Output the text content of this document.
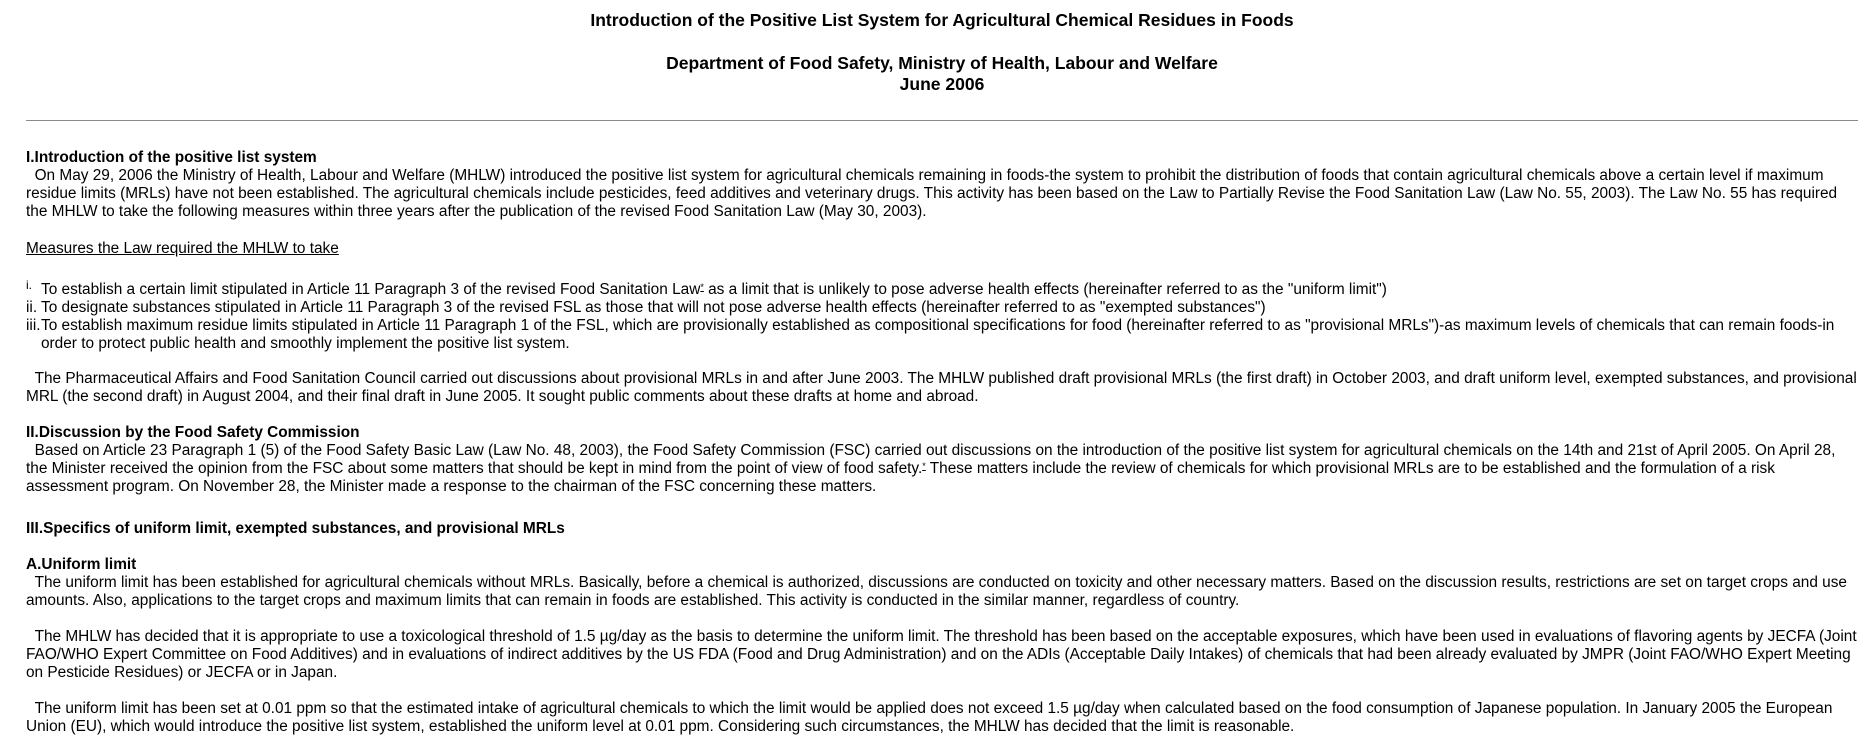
Introduction of the Positive List System for Agricultural Chemical Residues in Foods
Department of Food Safety, Ministry of Health, Labour and Welfare
June 2006
I.Introduction of the positive list system

On May 29, 2006 the Ministry of Health, Labour and Welfare (MHLW) introduced the positive list system for agricultural chemicals remaining in foods-the system to prohibit the distribution of foods that contain agricultural chemicals above a certain level if maximum residue limits (MRLs) have not been established. The agricultural chemicals include pesticides, feed additives and veterinary drugs. This activity has been based on the Law to Partially Revise the Food Sanitation Law (Law No. 55, 2003). The Law No. 55 has required the MHLW to take the following measures within three years after the publication of the revised Food Sanitation Law (May 30, 2003).

Measures the Law required the MHLW to take
i. To establish a certain limit stipulated in Article 11 Paragraph 3 of the revised Food Sanitation Law* as a limit that is unlikely to pose adverse health effects (hereinafter referred to as the "uniform limit")
ii. To designate substances stipulated in Article 11 Paragraph 3 of the revised FSL as those that will not pose adverse health effects (hereinafter referred to as "exempted substances")
iii. To establish maximum residue limits stipulated in Article 11 Paragraph 1 of the FSL, which are provisionally established as compositional specifications for food (hereinafter referred to as "provisional MRLs")-as maximum levels of chemicals that can remain foods-in order to protect public health and smoothly implement the positive list system.

The Pharmaceutical Affairs and Food Sanitation Council carried out discussions about provisional MRLs in and after June 2003. The MHLW published draft provisional MRLs (the first draft) in October 2003, and draft uniform level, exempted substances, and provisional MRL (the second draft) in August 2004, and their final draft in June 2005. It sought public comments about these drafts at home and abroad.

II.Discussion by the Food Safety Commission

Based on Article 23 Paragraph 1 (5) of the Food Safety Basic Law (Law No. 48, 2003), the Food Safety Commission (FSC) carried out discussions on the introduction of the positive list system for agricultural chemicals on the 14th and 21st of April 2005. On April 28, the Minister received the opinion from the FSC about some matters that should be kept in mind from the point of view of food safety.* These matters include the review of chemicals for which provisional MRLs are to be established and the formulation of a risk assessment program. On November 28, the Minister made a response to the chairman of the FSC concerning these matters.

III.Specifics of uniform limit, exempted substances, and provisional MRLs
A.Uniform limit

The uniform limit has been established for agricultural chemicals without MRLs. Basically, before a chemical is authorized, discussions are conducted on toxicity and other necessary matters. Based on the discussion results, restrictions are set on target crops and use amounts. Also, applications to the target crops and maximum limits that can remain in foods are established. This activity is conducted in the similar manner, regardless of country.

The MHLW has decided that it is appropriate to use a toxicological threshold of 1.5 µg/day as the basis to determine the uniform limit. The threshold has been based on the acceptable exposures, which have been used in evaluations of flavoring agents by JECFA (Joint FAO/WHO Expert Committee on Food Additives) and in evaluations of indirect additives by the US FDA (Food and Drug Administration) and on the ADIs (Acceptable Daily Intakes) of chemicals that had been already evaluated by JMPR (Joint FAO/WHO Expert Meeting on Pesticide Residues) or JECFA or in Japan.

The uniform limit has been set at 0.01 ppm so that the estimated intake of agricultural chemicals to which the limit would be applied does not exceed 1.5 µg/day when calculated based on the food consumption of Japanese population. In January 2005 the European Union (EU), which would introduce the positive list system, established the uniform level at 0.01 ppm. Considering such circumstances, the MHLW has decided that the limit is reasonable.
